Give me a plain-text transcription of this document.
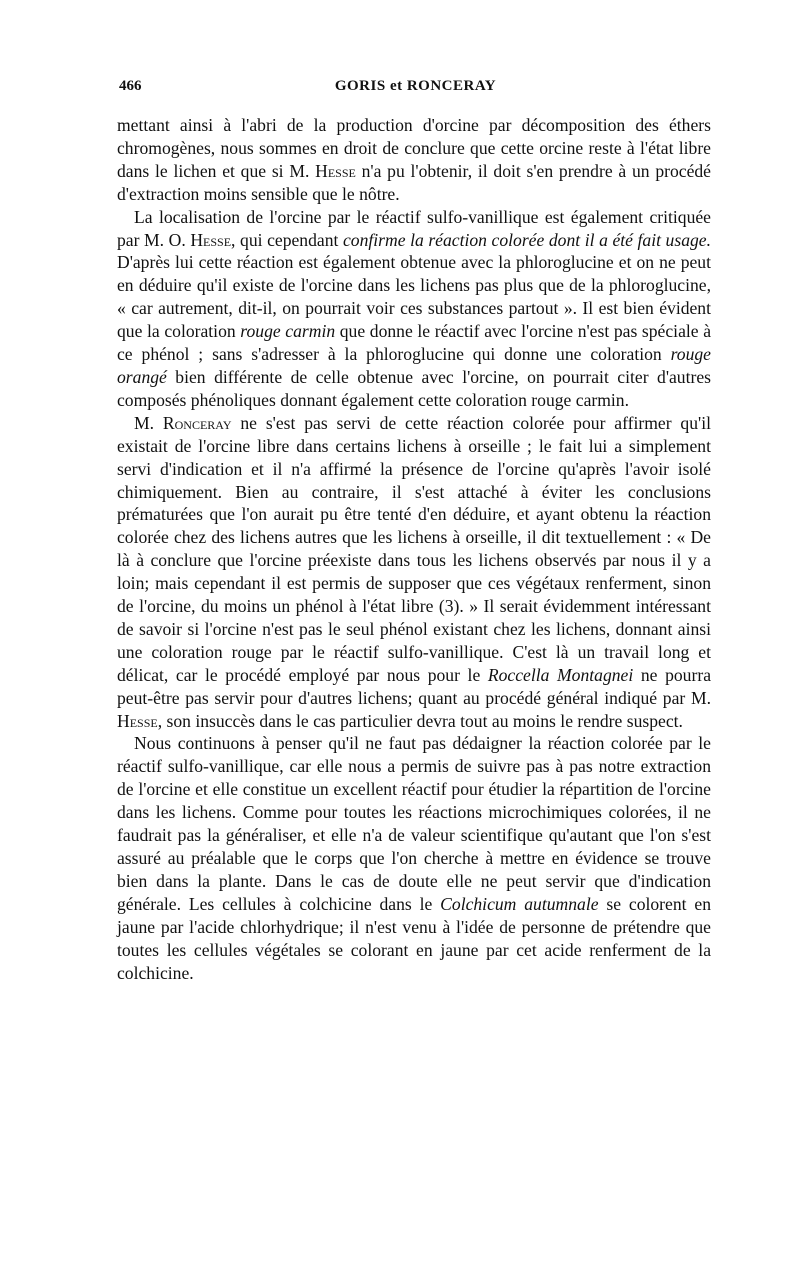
466	GORIS et RONCERAY

mettant ainsi à l'abri de la production d'orcine par décomposition des éthers chromogènes, nous sommes en droit de conclure que cette orcine reste à l'état libre dans le lichen et que si M. Hesse n'a pu l'obtenir, il doit s'en prendre à un procédé d'extraction moins sensible que le nôtre.

La localisation de l'orcine par le réactif sulfo-vanillique est également critiquée par M. O. Hesse, qui cependant confirme la réaction colorée dont il a été fait usage. D'après lui cette réaction est également obtenue avec la phloroglucine et on ne peut en déduire qu'il existe de l'orcine dans les lichens pas plus que de la phloroglucine, « car autrement, dit-il, on pourrait voir ces substances partout ». Il est bien évident que la coloration rouge carmin que donne le réactif avec l'orcine n'est pas spéciale à ce phénol ; sans s'adresser à la phloroglucine qui donne une coloration rouge orangé bien différente de celle obtenue avec l'orcine, on pourrait citer d'autres composés phénoliques donnant également cette coloration rouge carmin.

M. Ronceray ne s'est pas servi de cette réaction colorée pour affirmer qu'il existait de l'orcine libre dans certains lichens à orseille ; le fait lui a simplement servi d'indication et il n'a affirmé la présence de l'orcine qu'après l'avoir isolé chimiquement. Bien au contraire, il s'est attaché à éviter les conclusions prématurées que l'on aurait pu être tenté d'en déduire, et ayant obtenu la réaction colorée chez des lichens autres que les lichens à orseille, il dit textuellement : « De là à conclure que l'orcine préexiste dans tous les lichens observés par nous il y a loin; mais cependant il est permis de supposer que ces végétaux renferment, sinon de l'orcine, du moins un phénol à l'état libre (3). » Il serait évidemment intéressant de savoir si l'orcine n'est pas le seul phénol existant chez les lichens, donnant ainsi une coloration rouge par le réactif sulfo-vanillique. C'est là un travail long et délicat, car le procédé employé par nous pour le Roccella Montagnei ne pourra peut-être pas servir pour d'autres lichens; quant au procédé général indiqué par M. Hesse, son insuccès dans le cas particulier devra tout au moins le rendre suspect.

Nous continuons à penser qu'il ne faut pas dédaigner la réaction colorée par le réactif sulfo-vanillique, car elle nous a permis de suivre pas à pas notre extraction de l'orcine et elle constitue un excellent réactif pour étudier la répartition de l'orcine dans les lichens. Comme pour toutes les réactions microchimiques colorées, il ne faudrait pas la généraliser, et elle n'a de valeur scientifique qu'autant que l'on s'est assuré au préalable que le corps que l'on cherche à mettre en évidence se trouve bien dans la plante. Dans le cas de doute elle ne peut servir que d'indication générale. Les cellules à colchicine dans le Colchicum autumnale se colorent en jaune par l'acide chlorhydrique; il n'est venu à l'idée de personne de prétendre que toutes les cellules végétales se colorant en jaune par cet acide renferment de la colchicine.
